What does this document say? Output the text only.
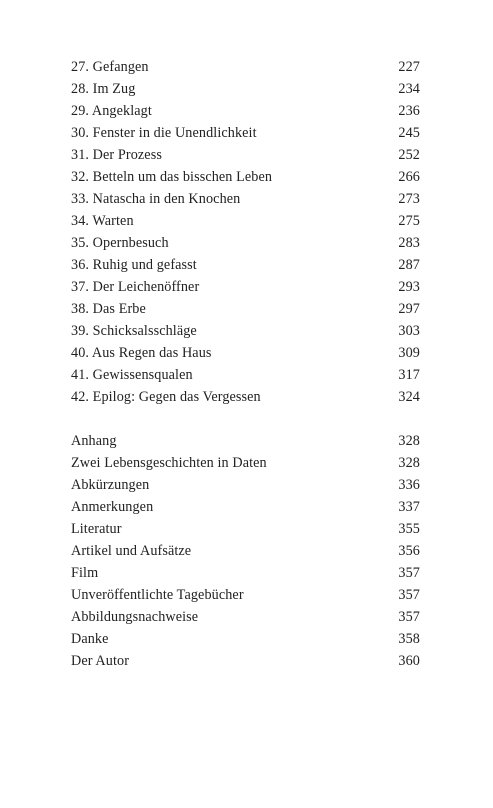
27. Gefangen	227
28. Im Zug	234
29. Angeklagt	236
30. Fenster in die Unendlichkeit	245
31. Der Prozess	252
32. Betteln um das bisschen Leben	266
33. Natascha in den Knochen	273
34. Warten	275
35. Opernbesuch	283
36. Ruhig und gefasst	287
37. Der Leichenöffner	293
38. Das Erbe	297
39. Schicksalsschläge	303
40. Aus Regen das Haus	309
41. Gewissensqualen	317
42. Epilog: Gegen das Vergessen	324
Anhang	328
Zwei Lebensgeschichten in Daten	328
Abkürzungen	336
Anmerkungen	337
Literatur	355
Artikel und Aufsätze	356
Film	357
Unveröffentlichte Tagebücher	357
Abbildungsnachweise	357
Danke	358
Der Autor	360
